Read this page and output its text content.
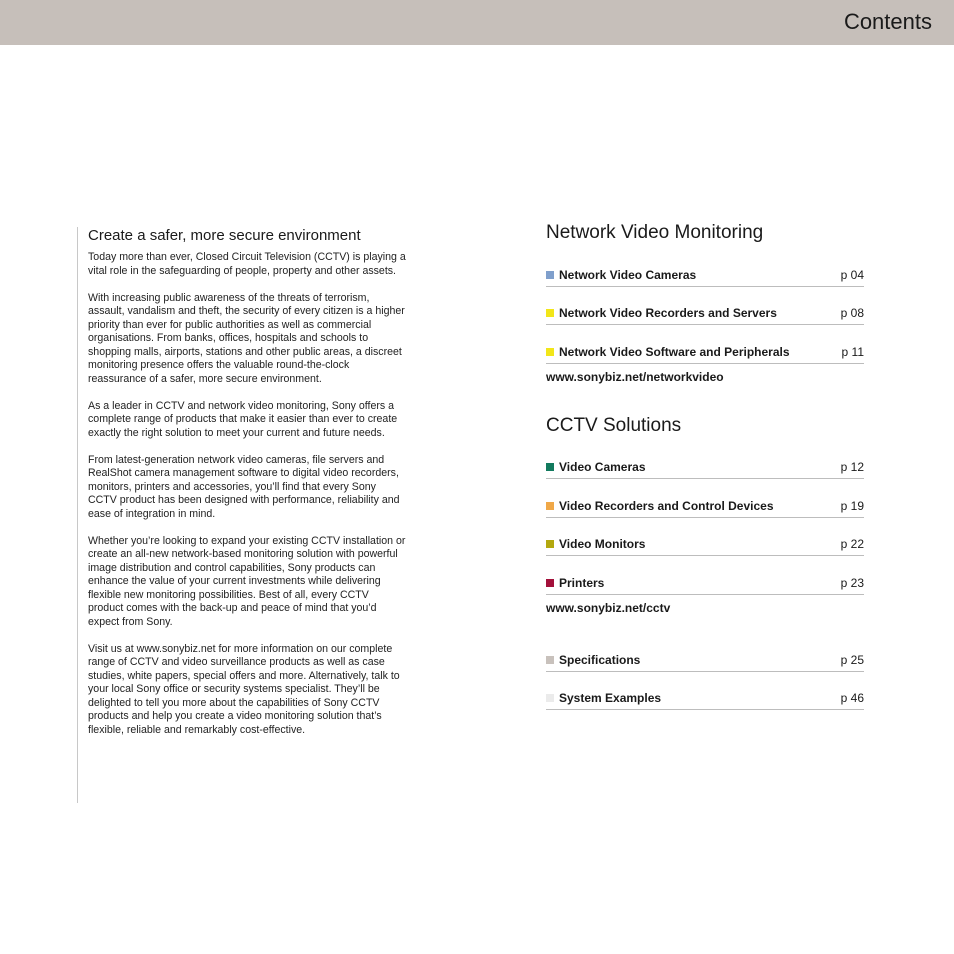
Contents
Create a safer, more secure environment

Today more than ever, Closed Circuit Television (CCTV) is playing a vital role in the safeguarding of people, property and other assets.

With increasing public awareness of the threats of terrorism, assault, vandalism and theft, the security of every citizen is a higher priority than ever for public authorities as well as commercial organisations. From banks, offices, hospitals and schools to shopping malls, airports, stations and other public areas, a discreet monitoring presence offers the valuable round-the-clock reassurance of a safer, more secure environment.

As a leader in CCTV and network video monitoring, Sony offers a complete range of products that make it easier than ever to create exactly the right solution to meet your current and future needs.

From latest-generation network video cameras, file servers and RealShot camera management software to digital video recorders, monitors, printers and accessories, you’ll find that every Sony CCTV product has been designed with performance, reliability and ease of integration in mind.

Whether you’re looking to expand your existing CCTV installation or create an all-new network-based monitoring solution with powerful image distribution and control capabilities, Sony products can enhance the value of your current investments while delivering flexible new monitoring possibilities. Best of all, every CCTV product comes with the back-up and peace of mind that you’d expect from Sony.

Visit us at www.sonybiz.net for more information on our complete range of CCTV and video surveillance products as well as case studies, white papers, special offers and more. Alternatively, talk to your local Sony office or security systems specialist. They’ll be delighted to tell you more about the capabilities of Sony CCTV products and help you create a video monitoring solution that’s flexible, reliable and remarkably cost-effective.

Network Video Monitoring
Network Video Cameras	p 04
Network Video Recorders and Servers	p 08
Network Video Software and Peripherals	p 11
www.sonybiz.net/networkvideo
CCTV Solutions
Video Cameras	p 12
Video Recorders and Control Devices	p 19
Video Monitors	p 22
Printers	p 23
www.sonybiz.net/cctv
Specifications	p 25
System Examples	p 46
